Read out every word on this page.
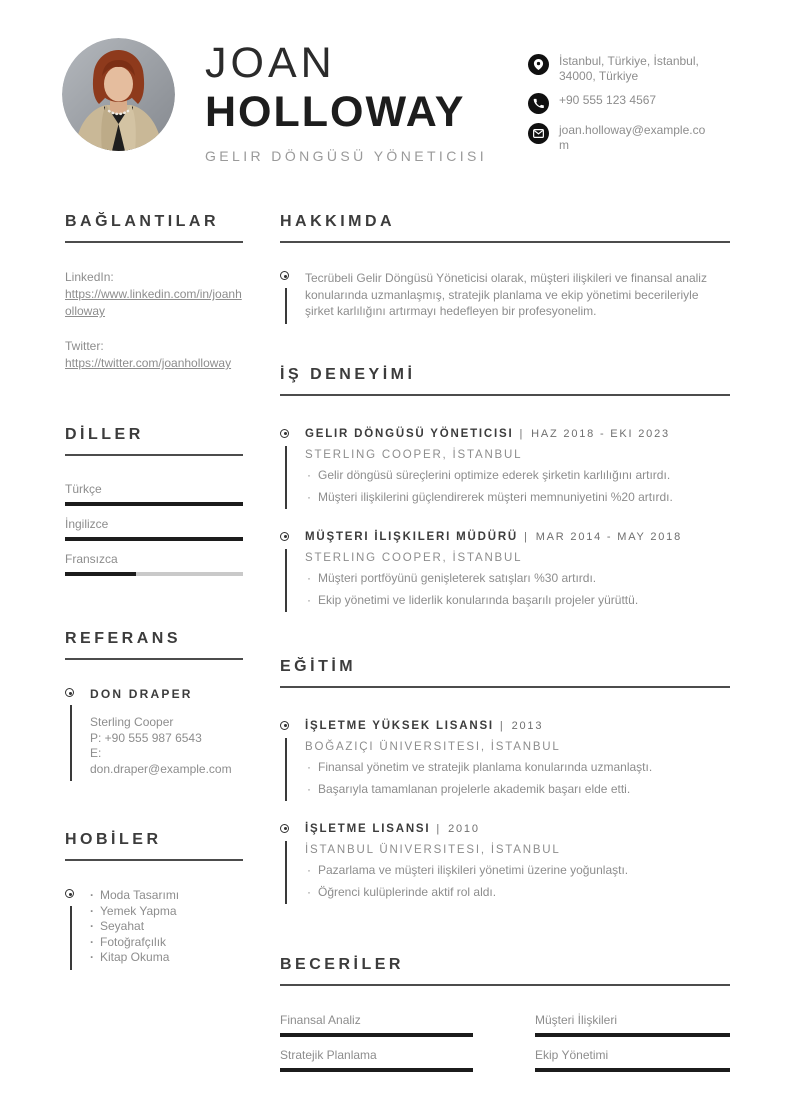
JOAN
HOLLOWAY
GELIR DÖNGÜSÜ YÖNETICISI
İstanbul, Türkiye, İstanbul, 34000, Türkiye
+90 555 123 4567
joan.holloway@example.com
BAĞLANTILAR
LinkedIn:
https://www.linkedin.com/in/joanholloway
Twitter:
https://twitter.com/joanholloway
DİLLER
Türkçe
İngilizce
Fransızca
REFERANS
DON DRAPER
Sterling Cooper
P: +90 555 987 6543
E: don.draper@example.com
HOBİLER
· Moda Tasarımı
· Yemek Yapma
· Seyahat
· Fotoğrafçılık
· Kitap Okuma
HAKKIMDA
Tecrübeli Gelir Döngüsü Yöneticisi olarak, müşteri ilişkileri ve finansal analiz konularında uzmanlaşmış, stratejik planlama ve ekip yönetimi becerileriyle şirket karlılığını artırmayı hedefleyen bir profesyonelim.
İŞ DENEYİMİ
GELIR DÖNGÜSÜ YÖNETICISI | HAZ 2018 - EKI 2023
STERLING COOPER, İSTANBUL
· Gelir döngüsü süreçlerini optimize ederek şirketin karlılığını artırdı.
· Müşteri ilişkilerini güçlendirerek müşteri memnuniyetini %20 artırdı.
MÜŞTERI İLIŞKILERI MÜDÜRÜ | MAR 2014 - MAY 2018
STERLING COOPER, İSTANBUL
· Müşteri portföyünü genişleterek satışları %30 artırdı.
· Ekip yönetimi ve liderlik konularında başarılı projeler yürüttü.
EĞİTİM
İŞLETME YÜKSEK LISANSI | 2013
BOĞAZIÇI ÜNIVERSITESI, İSTANBUL
· Finansal yönetim ve stratejik planlama konularında uzmanlaştı.
· Başarıyla tamamlanan projelerle akademik başarı elde etti.
İŞLETME LISANSI | 2010
İSTANBUL ÜNIVERSITESI, İSTANBUL
· Pazarlama ve müşteri ilişkileri yönetimi üzerine yoğunlaştı.
· Öğrenci kulüplerinde aktif rol aldı.
BECERİLER
Finansal Analiz	Müşteri İlişkileri
Stratejik Planlama	Ekip Yönetimi
